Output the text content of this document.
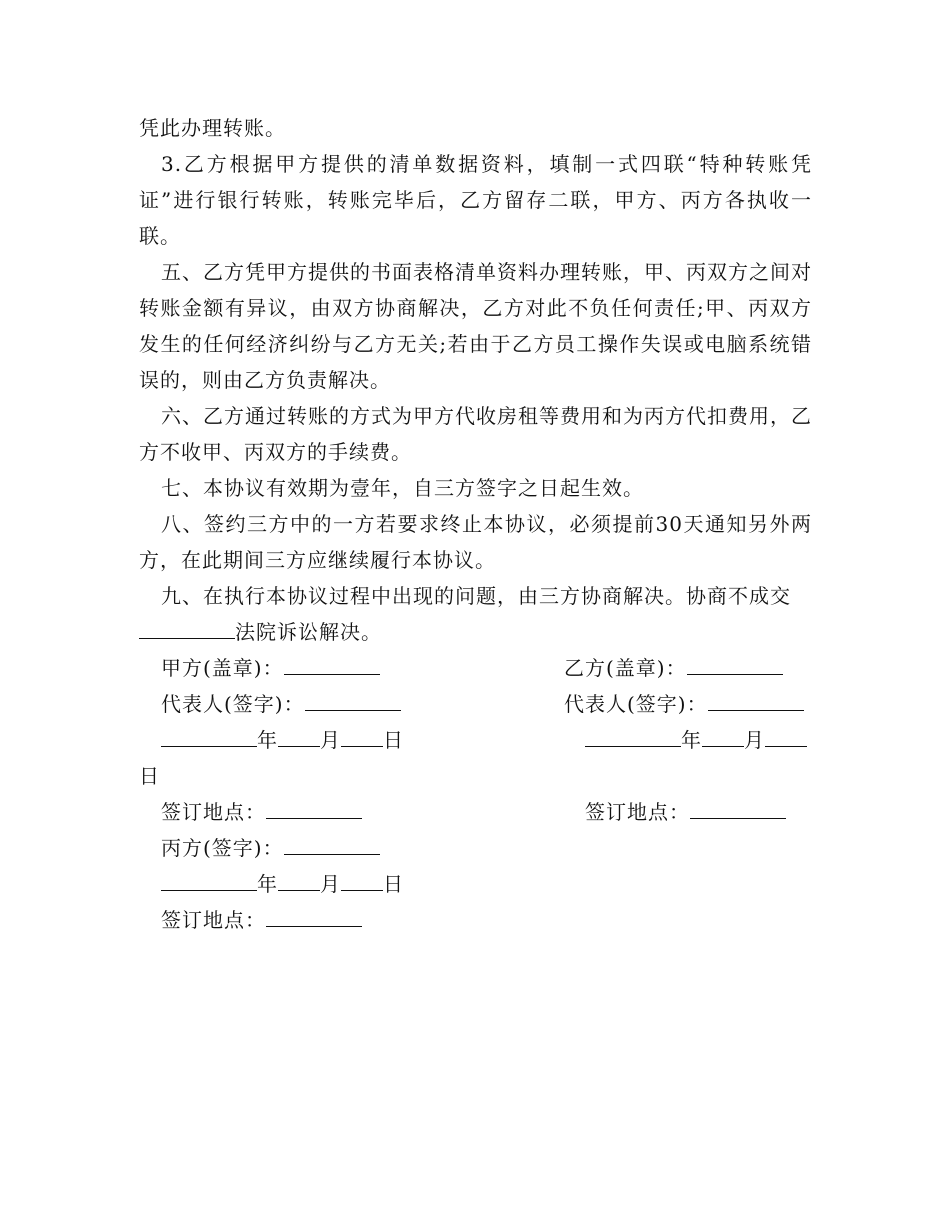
凭此办理转账。

3.乙方根据甲方提供的清单数据资料，填制一式四联“特种转账凭证”进行银行转账，转账完毕后，乙方留存二联，甲方、丙方各执收一联。

五、乙方凭甲方提供的书面表格清单资料办理转账，甲、丙双方之间对转账金额有异议，由双方协商解决，乙方对此不负任何责任;甲、丙双方发生的任何经济纠纷与乙方无关;若由于乙方员工操作失误或电脑系统错误的，则由乙方负责解决。

六、乙方通过转账的方式为甲方代收房租等费用和为丙方代扣费用，乙方不收甲、丙双方的手续费。

七、本协议有效期为壹年，自三方签字之日起生效。

八、签约三方中的一方若要求终止本协议，必须提前30天通知另外两方，在此期间三方应继续履行本协议。

九、在执行本协议过程中出现的问题，由三方协商解决。协商不成交

法院诉讼解决。

甲方(盖章)：	乙方(盖章)：
代表人(签字)：	代表人(签字)：
年 月 日	年 月
日
签订地点：	签订地点：
丙方(签字)：
年 月 日
签订地点：
